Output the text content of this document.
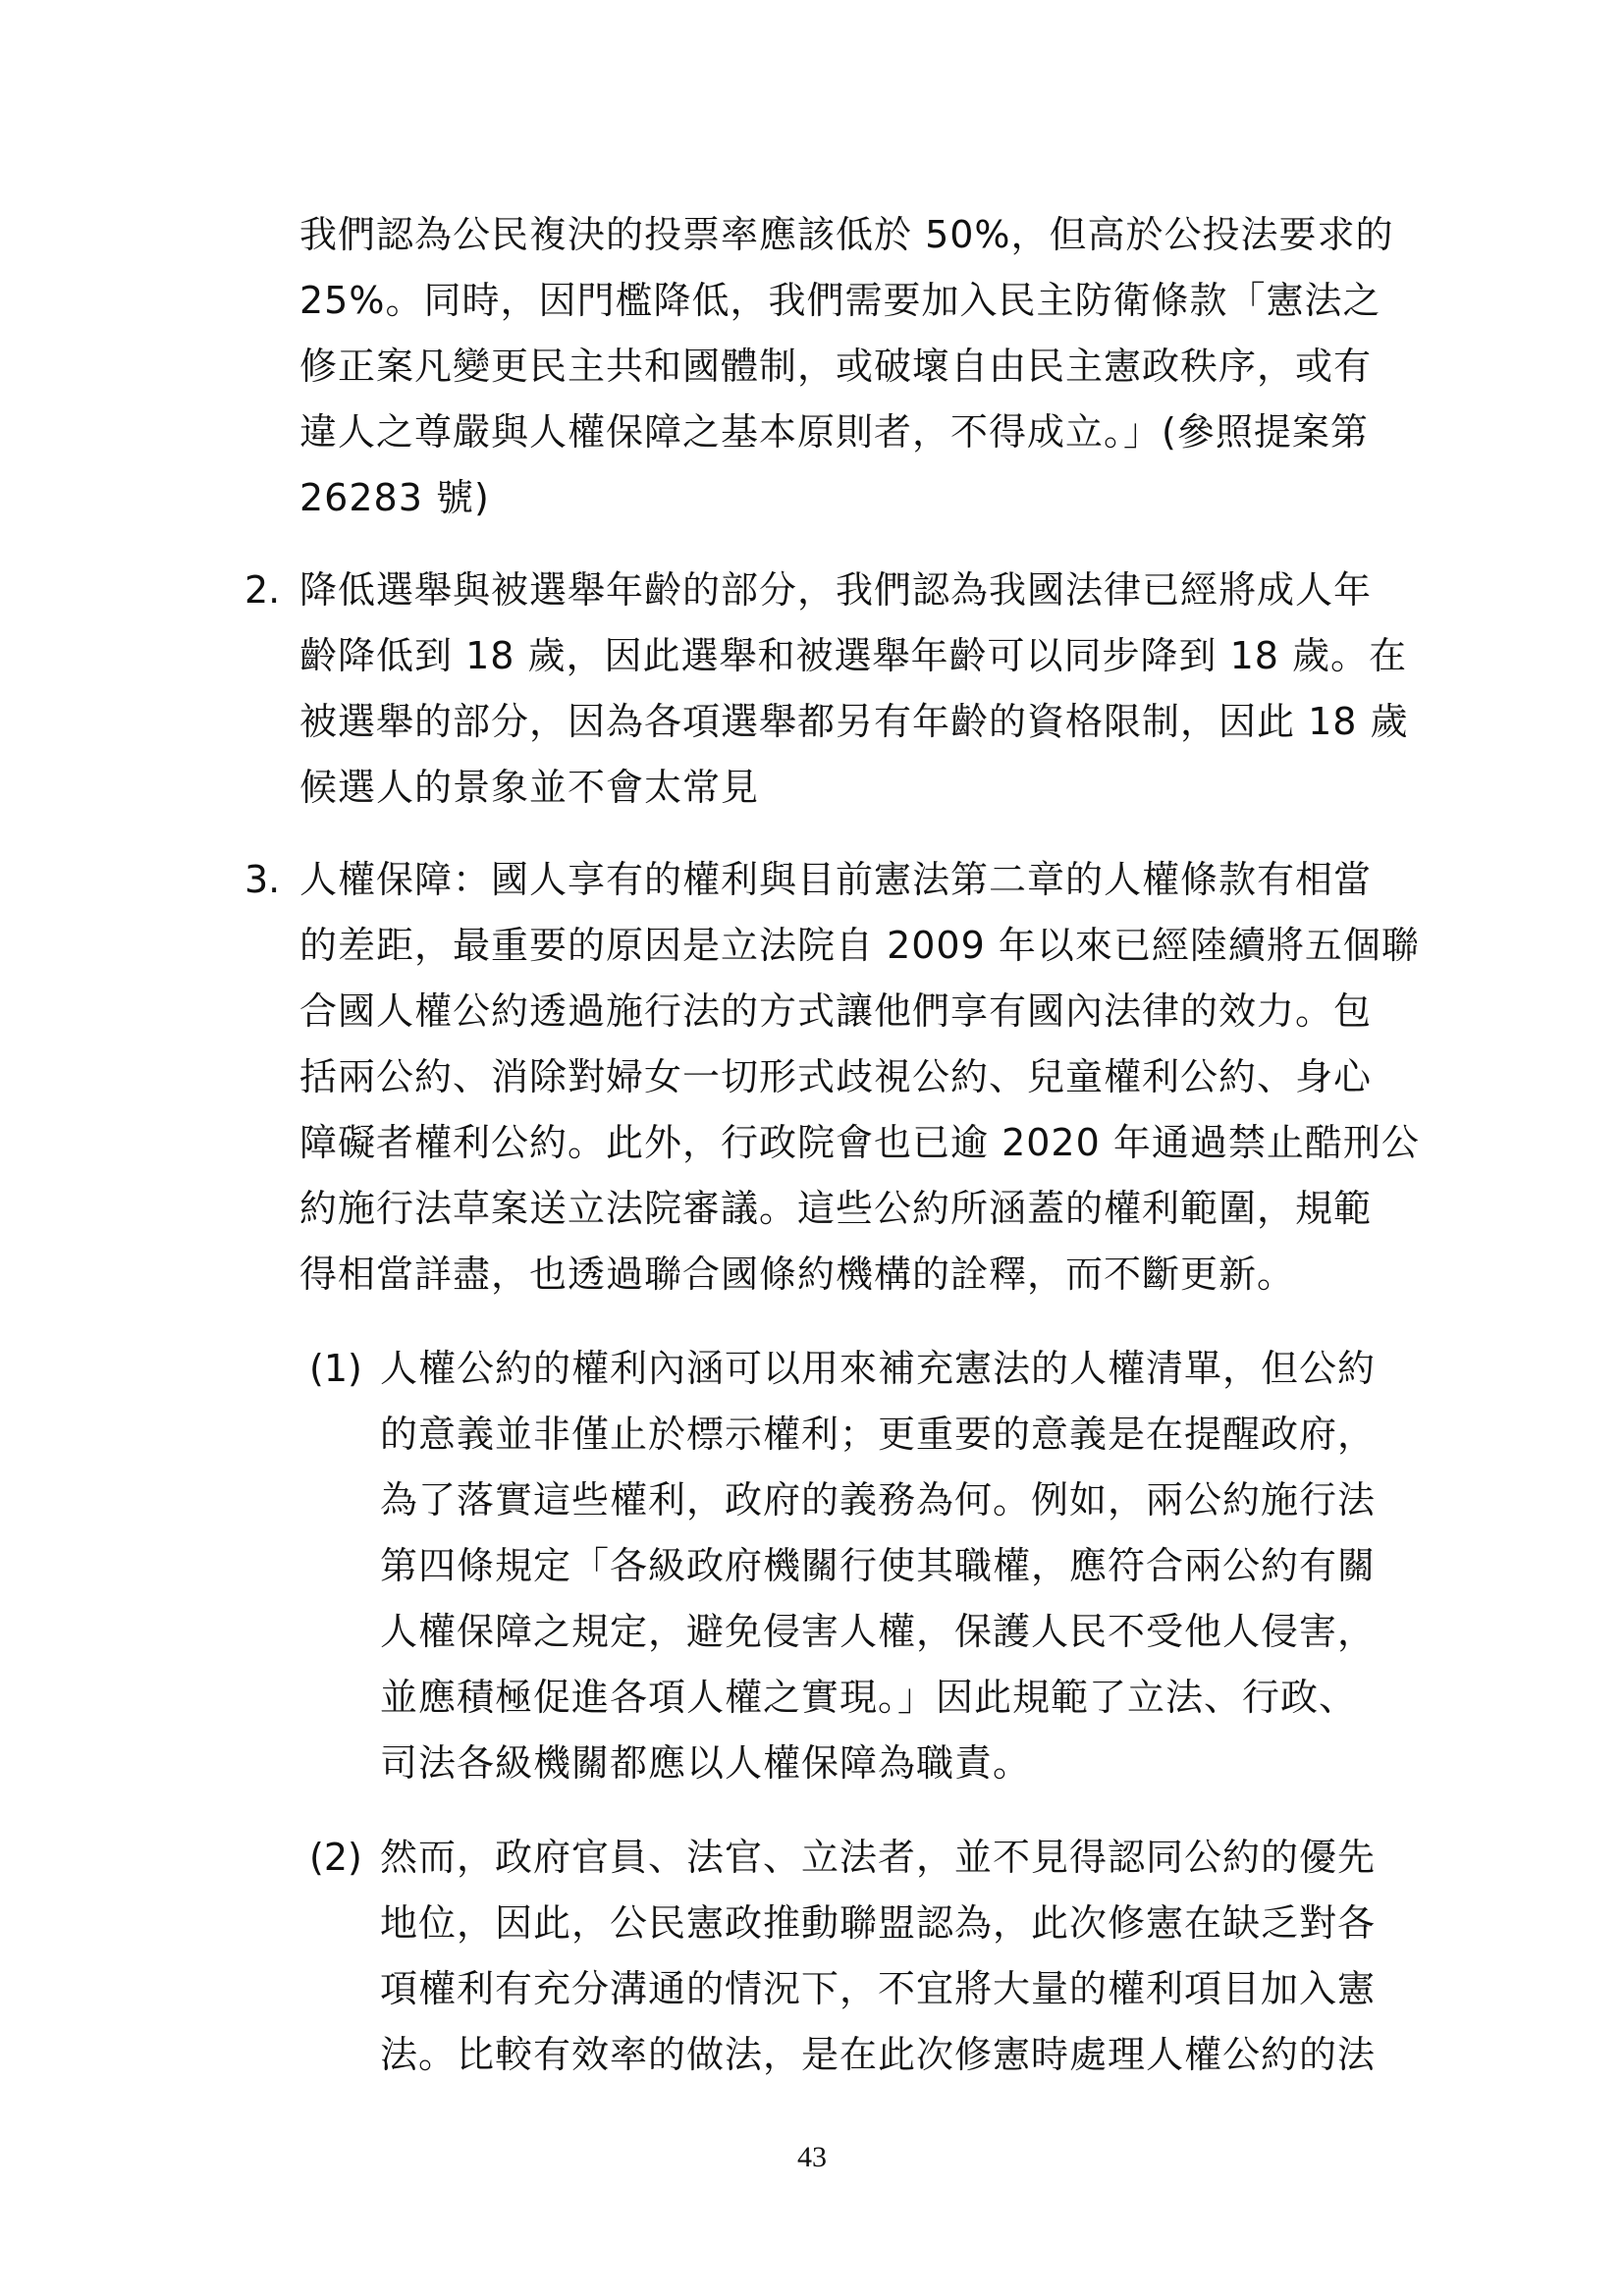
我們認為公民複決的投票率應該低於 50%，但高於公投法要求的
25%。同時，因門檻降低，我們需要加入民主防衛條款「憲法之
修正案凡變更民主共和國體制，或破壞自由民主憲政秩序，或有
違人之尊嚴與人權保障之基本原則者，不得成立。」(參照提案第
26283 號)
2. 降低選舉與被選舉年齡的部分，我們認為我國法律已經將成人年
齡降低到 18 歲，因此選舉和被選舉年齡可以同步降到 18 歲。在
被選舉的部分，因為各項選舉都另有年齡的資格限制，因此 18 歲
候選人的景象並不會太常見
3. 人權保障：國人享有的權利與目前憲法第二章的人權條款有相當
的差距，最重要的原因是立法院自 2009 年以來已經陸續將五個聯
合國人權公約透過施行法的方式讓他們享有國內法律的效力。包
括兩公約、消除對婦女一切形式歧視公約、兒童權利公約、身心
障礙者權利公約。此外，行政院會也已逾 2020 年通過禁止酷刑公
約施行法草案送立法院審議。這些公約所涵蓋的權利範圍，規範
得相當詳盡，也透過聯合國條約機構的詮釋，而不斷更新。
(1) 人權公約的權利內涵可以用來補充憲法的人權清單，但公約
的意義並非僅止於標示權利；更重要的意義是在提醒政府，
為了落實這些權利，政府的義務為何。例如，兩公約施行法
第四條規定「各級政府機關行使其職權，應符合兩公約有關
人權保障之規定，避免侵害人權，保護人民不受他人侵害，
並應積極促進各項人權之實現。」因此規範了立法、行政、
司法各級機關都應以人權保障為職責。
(2) 然而，政府官員、法官、立法者，並不見得認同公約的優先
地位，因此，公民憲政推動聯盟認為，此次修憲在缺乏對各
項權利有充分溝通的情況下，不宜將大量的權利項目加入憲
法。比較有效率的做法，是在此次修憲時處理人權公約的法
43
